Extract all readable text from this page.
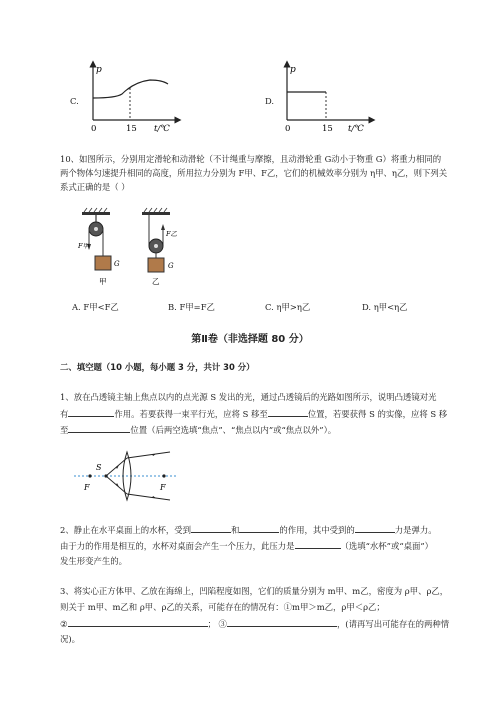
C.
p
0	15 t/℃
D.
p
0	15 t/℃
10、如图所示，分别用定滑轮和动滑轮（不计绳重与摩擦，且动滑轮重 G动小于物重 G）将重力相同的
两个物体匀速提升相同的高度，所用拉力分别为 F甲、F乙，它们的机械效率分别为 η甲、η乙，则下列关
系式正确的是（ ）
F甲
G
甲
F乙
G
乙
A. F甲<F乙	B. F甲=F乙	C. η甲>η乙	D. η甲<η乙
第Ⅱ卷（非选择题 80 分）
二、填空题（10 小题，每小题 3 分，共计 30 分）
1、放在凸透镜主轴上焦点以内的点光源 S 发出的光，通过凸透镜后的光路如图所示，说明凸透镜对光
有	作用。若要获得一束平行光，应将 S 移至	位置，若要获得 S 的实像，应将 S 移
至	位置（后两空选填“焦点”、“焦点以内”或“焦点以外”）。
S
F	F
2、静止在水平桌面上的水杯，受到	和	的作用，其中受到的	力是弹力。
由于力的作用是相互的，水杯对桌面会产生一个压力，此压力是	（选填“水杯”或“桌面”）
发生形变产生的。
3、将实心正方体甲、乙放在海绵上，凹陷程度如图，它们的质量分别为 m甲、m乙，密度为 ρ甲、ρ乙，
则关于 m甲、m乙和 ρ甲、ρ乙的关系，可能存在的情况有：①m甲＞m乙，ρ甲＜ρ乙；
②	； ③	，(请再写出可能存在的两种情
况)。
